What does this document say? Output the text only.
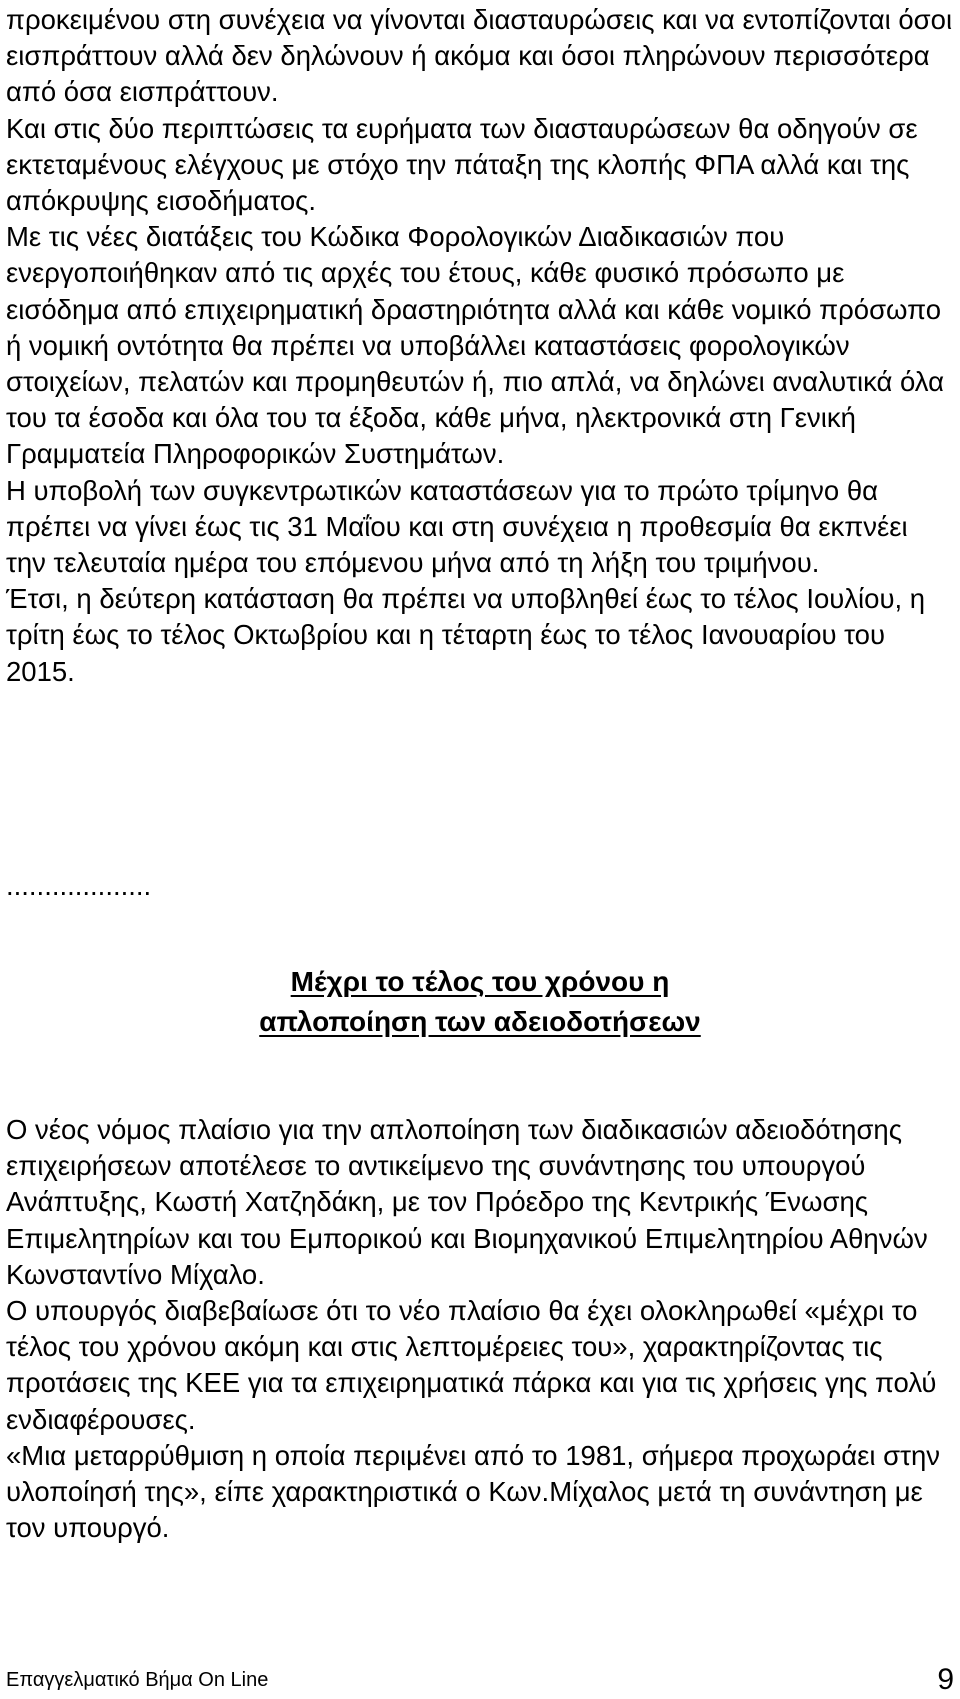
προκειμένου στη συνέχεια να γίνονται διασταυρώσεις και να εντοπίζονται όσοι εισπράττουν αλλά δεν δηλώνουν ή ακόμα και όσοι πληρώνουν περισσότερα από όσα εισπράττουν.

Και στις δύο περιπτώσεις τα ευρήματα των διασταυρώσεων θα οδηγούν σε εκτεταμένους ελέγχους με στόχο την πάταξη της κλοπής ΦΠΑ αλλά και της απόκρυψης εισοδήματος.

Με τις νέες διατάξεις του Κώδικα Φορολογικών Διαδικασιών που ενεργοποιήθηκαν από τις αρχές του έτους, κάθε φυσικό πρόσωπο με εισόδημα από επιχειρηματική δραστηριότητα αλλά και κάθε νομικό πρόσωπο ή νομική οντότητα θα πρέπει να υποβάλλει καταστάσεις φορολογικών στοιχείων, πελατών και προμηθευτών ή, πιο απλά, να δηλώνει αναλυτικά όλα του τα έσοδα και όλα του τα έξοδα, κάθε μήνα, ηλεκτρονικά στη Γενική Γραμματεία Πληροφορικών Συστημάτων.

Η υποβολή των συγκεντρωτικών καταστάσεων για το πρώτο τρίμηνο θα πρέπει να γίνει έως τις 31 Μαΐου και στη συνέχεια η προθεσμία θα εκπνέει την τελευταία ημέρα του επόμενου μήνα από τη λήξη του τριμήνου.

Έτσι, η δεύτερη κατάσταση θα πρέπει να υποβληθεί έως το τέλος Ιουλίου, η τρίτη έως το τέλος Οκτωβρίου και η τέταρτη έως το τέλος Ιανουαρίου του 2015.

...................
Μέχρι το τέλος του χρόνου η
απλοποίηση των αδειοδοτήσεων

Ο νέος νόμος πλαίσιο για την απλοποίηση των διαδικασιών αδειοδότησης επιχειρήσεων αποτέλεσε το αντικείμενο της συνάντησης του υπουργού Ανάπτυξης, Κωστή Χατζηδάκη, με τον Πρόεδρο της Κεντρικής Ένωσης Επιμελητηρίων και του Εμπορικού και Βιομηχανικού Επιμελητηρίου Αθηνών Κωνσταντίνο Μίχαλο.

Ο υπουργός διαβεβαίωσε ότι το νέο πλαίσιο θα έχει ολοκληρωθεί «μέχρι το τέλος του χρόνου ακόμη και στις λεπτομέρειες του», χαρακτηρίζοντας τις προτάσεις της ΚΕΕ για τα επιχειρηματικά πάρκα και για τις χρήσεις γης πολύ ενδιαφέρουσες.

«Μια μεταρρύθμιση η οποία περιμένει από το 1981, σήμερα προχωράει στην υλοποίησή της», είπε χαρακτηριστικά ο Κων.Μίχαλος μετά τη συνάντηση με τον υπουργό.

Επαγγελματικό Βήμα On Line	9
